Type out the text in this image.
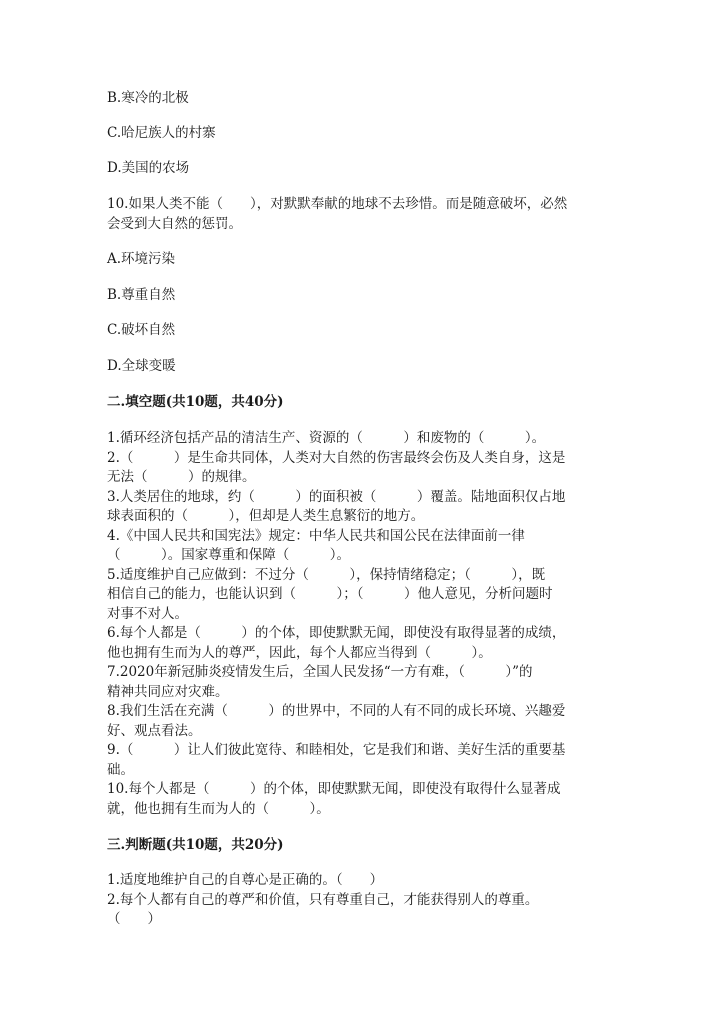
B.寒冷的北极
C.哈尼族人的村寨
D.美国的农场
10.如果人类不能（　　），对默默奉献的地球不去珍惜。而是随意破坏，必然
会受到大自然的惩罚。
A.环境污染
B.尊重自然
C.破坏自然
D.全球变暖
二.填空题(共10题，共40分)
1.循环经济包括产品的清洁生产、资源的（　　　）和废物的（　　　）。
2.（　　　）是生命共同体，人类对大自然的伤害最终会伤及人类自身，这是
无法（　　　）的规律。
3.人类居住的地球，约（　　　）的面积被（　　　）覆盖。陆地面积仅占地
球表面积的（　　　），但却是人类生息繁衍的地方。
4.《中国人民共和国宪法》规定：中华人民共和国公民在法律面前一律
（　　　）。国家尊重和保障（　　　）。
5.适度维护自己应做到：不过分（　　　），保持情绪稳定；（　　　），既
相信自己的能力，也能认识到（　　　）；（　　　）他人意见，分析问题时
对事不对人。
6.每个人都是（　　　）的个体，即使默默无闻，即使没有取得显著的成绩，
他也拥有生而为人的尊严，因此，每个人都应当得到（　　　）。
7.2020年新冠肺炎疫情发生后，全国人民发扬“一方有难，（　　　）”的
精神共同应对灾难。
8.我们生活在充满（　　　）的世界中，不同的人有不同的成长环境、兴趣爱
好、观点看法。
9.（　　　）让人们彼此宽待、和睦相处，它是我们和谐、美好生活的重要基
础。
10.每个人都是（　　　）的个体，即使默默无闻，即使没有取得什么显著成
就，他也拥有生而为人的（　　　）。
三.判断题(共10题，共20分)
1.适度地维护自己的自尊心是正确的。（　　）
2.每个人都有自己的尊严和价值，只有尊重自己，才能获得别人的尊重。
（　　）
